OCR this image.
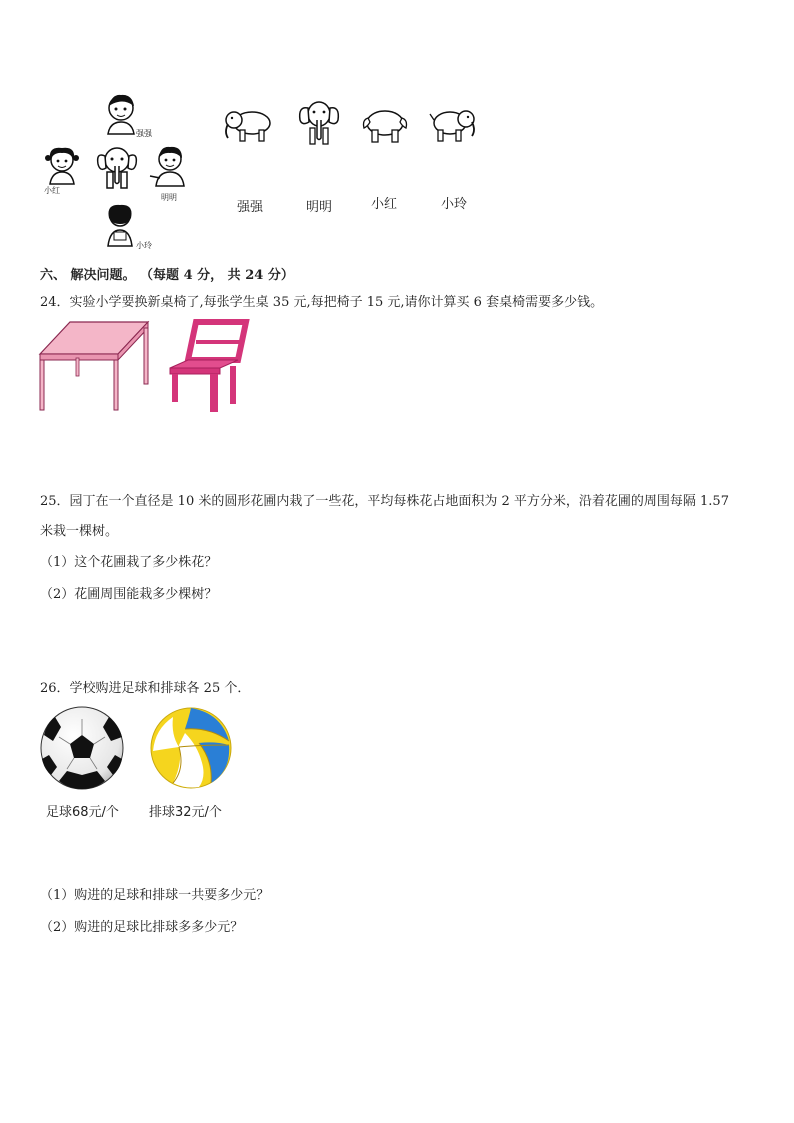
强强
小红
明明
小玲
强强	明明	小红	小玲
六、 解决问题。 （每题 4 分， 共 24 分）
24．实验小学要换新桌椅了,每张学生桌 35 元,每把椅子 15 元,请你计算买 6 套桌椅需要多少钱。
25．园丁在一个直径是 10 米的圆形花圃内栽了一些花，平均每株花占地面积为 2 平方分米，沿着花圃的周围每隔 1.57
米栽一棵树。
（1）这个花圃栽了多少株花？
（2）花圃周围能栽多少棵树？
26．学校购进足球和排球各 25 个．
足球68元/个 排球32元/个
（1）购进的足球和排球一共要多少元？
（2）购进的足球比排球多多少元？
